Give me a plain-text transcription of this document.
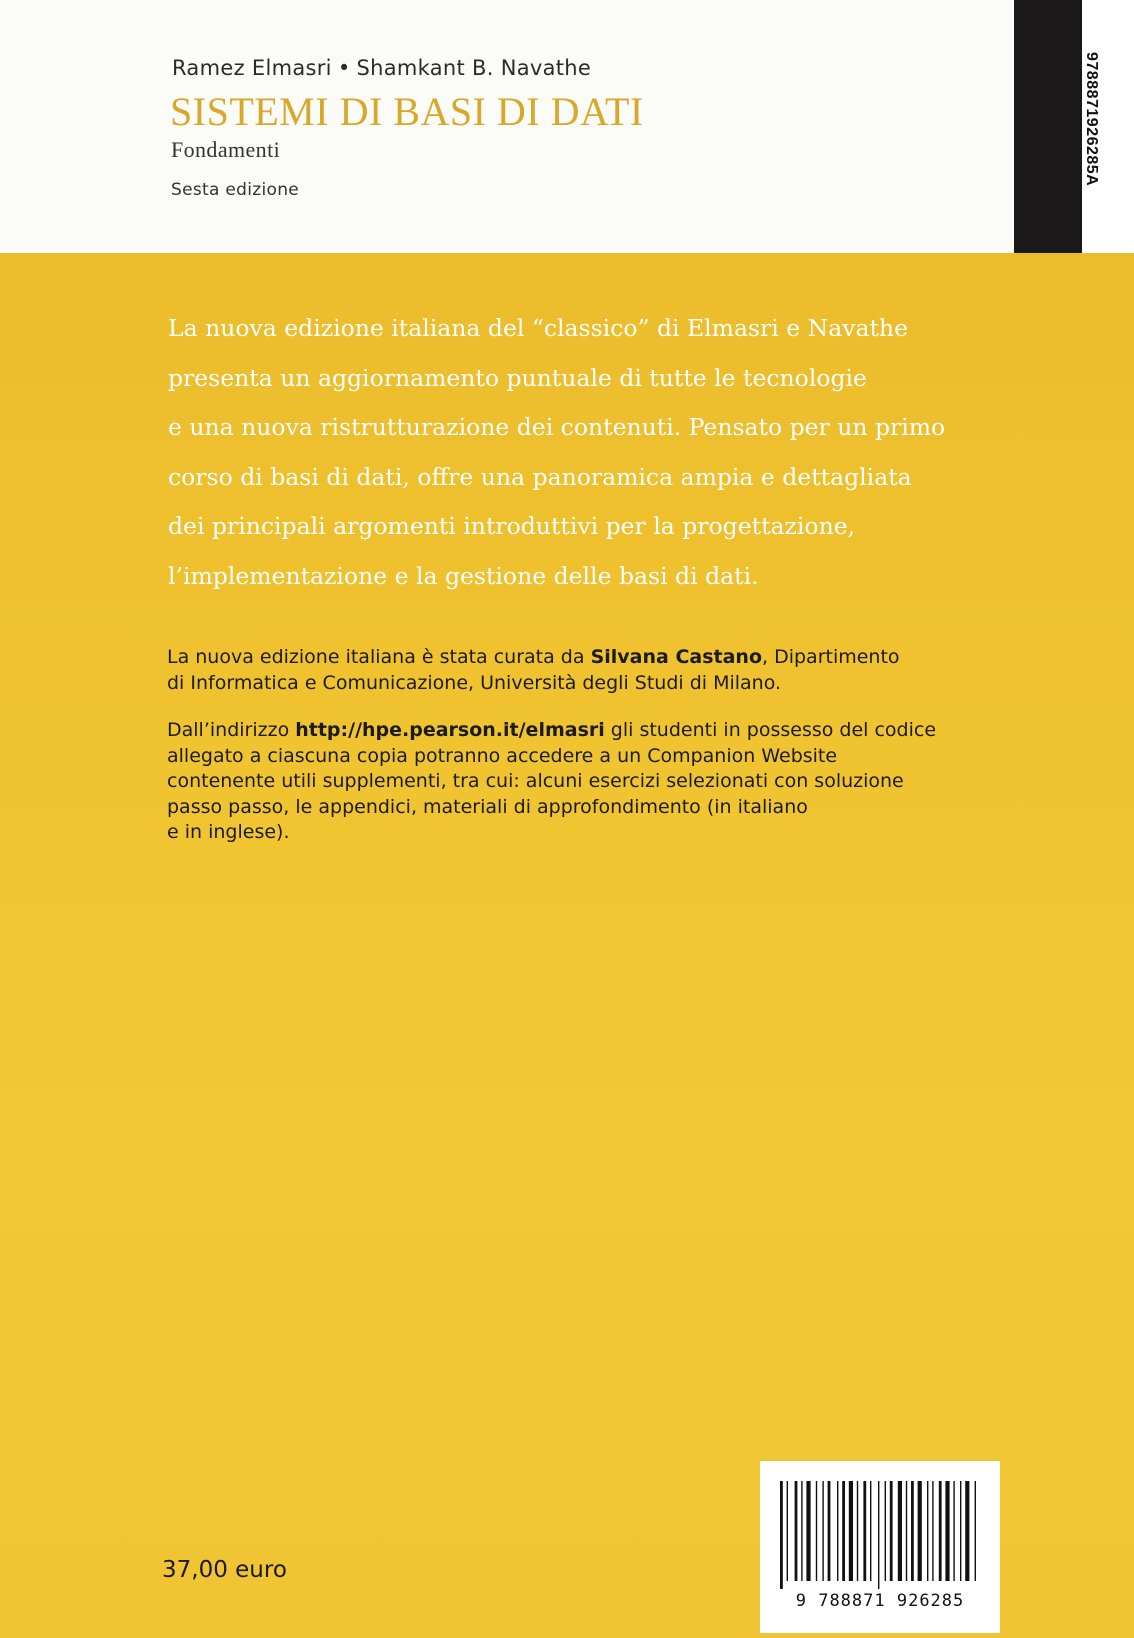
9788871926285A
Ramez Elmasri • Shamkant B. Navathe
SISTEMI DI BASI DI DATI
Fondamenti
Sesta edizione

La nuova edizione italiana del “classico” di Elmasri e Navathe
presenta un aggiornamento puntuale di tutte le tecnologie
e una nuova ristrutturazione dei contenuti. Pensato per un primo
corso di basi di dati, offre una panoramica ampia e dettagliata
dei principali argomenti introduttivi per la progettazione,
l’implementazione e la gestione delle basi di dati.

La nuova edizione italiana è stata curata da Silvana Castano, Dipartimento
di Informatica e Comunicazione, Università degli Studi di Milano.

Dall’indirizzo http://hpe.pearson.it/elmasri gli studenti in possesso del codice
allegato a ciascuna copia potranno accedere a un Companion Website
contenente utili supplementi, tra cui: alcuni esercizi selezionati con soluzione
passo passo, le appendici, materiali di approfondimento (in italiano
e in inglese).

37,00 euro
9 788871 926285
